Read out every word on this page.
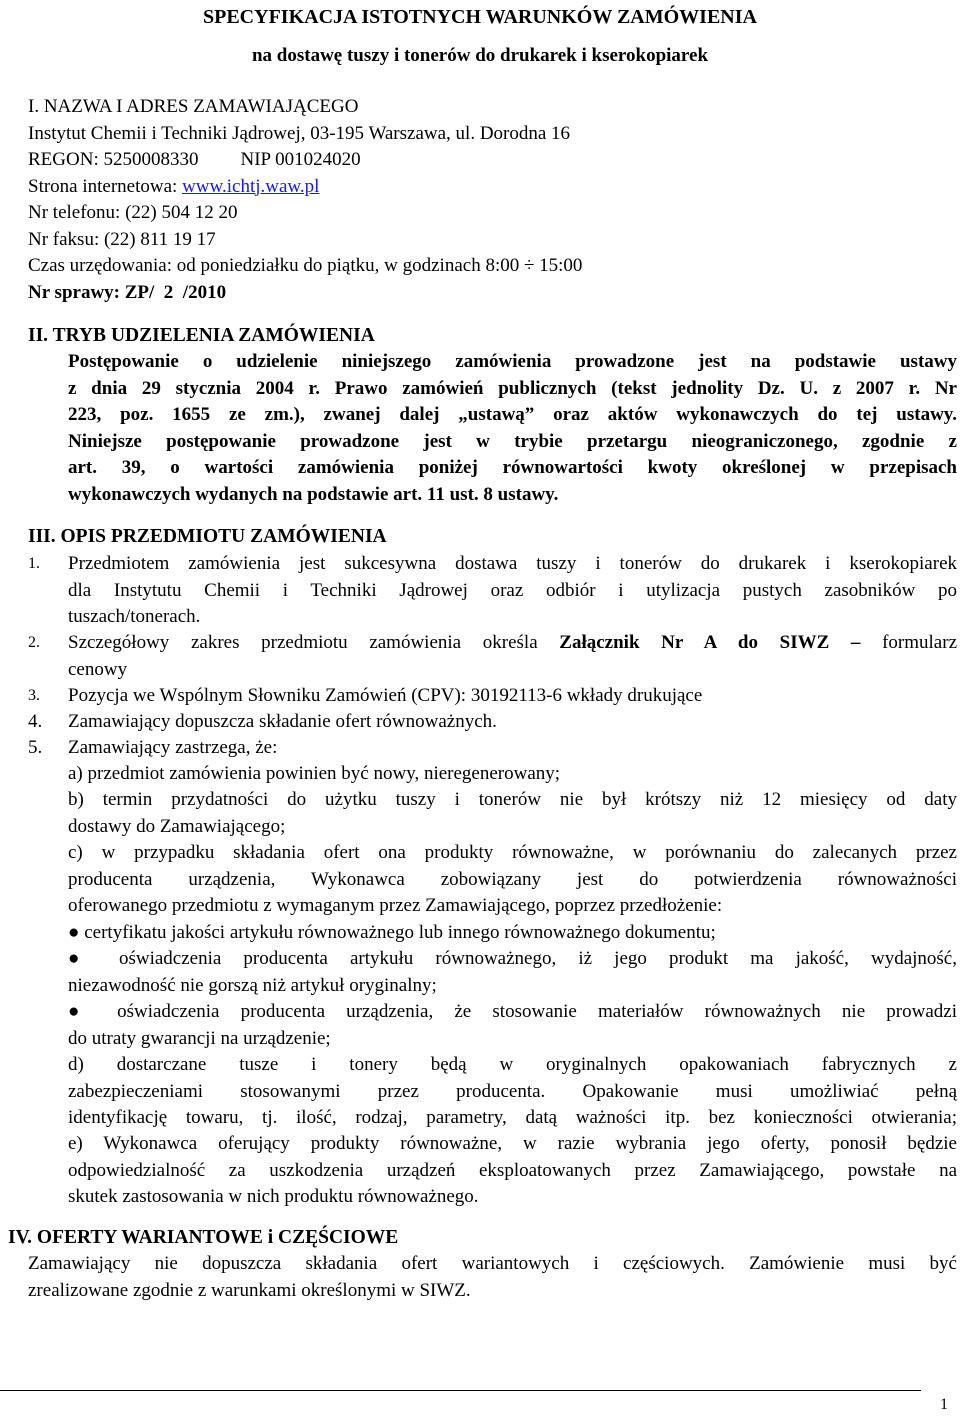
SPECYFIKACJA ISTOTNYCH WARUNKÓW ZAMÓWIENIA
na dostawę tuszy i tonerów do drukarek i kserokopiarek
I. NAZWA I ADRES ZAMAWIAJĄCEGO
Instytut Chemii i Techniki Jądrowej, 03-195 Warszawa, ul. Dorodna 16
REGON: 5250008330 NIP 001024020
Strona internetowa: www.ichtj.waw.pl
Nr telefonu: (22) 504 12 20
Nr faksu: (22) 811 19 17
Czas urzędowania: od poniedziałku do piątku, w godzinach 8:00 ÷ 15:00
Nr sprawy: ZP/  2  /2010
II. TRYB UDZIELENIA ZAMÓWIENIA
Postępowanie o udzielenie niniejszego zamówienia prowadzone jest na podstawie ustawy
z dnia 29 stycznia 2004 r. Prawo zamówień publicznych (tekst jednolity Dz. U. z 2007 r. Nr
223, poz. 1655 ze zm.), zwanej dalej „ustawą” oraz aktów wykonawczych do tej ustawy.
Niniejsze postępowanie prowadzone jest w trybie przetargu nieograniczonego, zgodnie z
art. 39, o wartości zamówienia poniżej równowartości kwoty określonej w przepisach
wykonawczych wydanych na podstawie art. 11 ust. 8 ustawy.
III. OPIS PRZEDMIOTU ZAMÓWIENIA
1. Przedmiotem zamówienia jest sukcesywna dostawa tuszy i tonerów do drukarek i kserokopiarek
dla Instytutu Chemii i Techniki Jądrowej oraz odbiór i utylizacja pustych zasobników po
tuszach/tonerach.
2. Szczegółowy zakres przedmiotu zamówienia określa Załącznik Nr A do SIWZ – formularz
cenowy
3. Pozycja we Wspólnym Słowniku Zamówień (CPV): 30192113-6 wkłady drukujące
4. Zamawiający dopuszcza składanie ofert równoważnych.
5. Zamawiający zastrzega, że:
a) przedmiot zamówienia powinien być nowy, nieregenerowany;
b) termin przydatności do użytku tuszy i tonerów nie był krótszy niż 12 miesięcy od daty
dostawy do Zamawiającego;
c) w przypadku składania ofert ona produkty równoważne, w porównaniu do zalecanych przez
producenta urządzenia, Wykonawca zobowiązany jest do potwierdzenia równoważności
oferowanego przedmiotu z wymaganym przez Zamawiającego, poprzez przedłożenie:
● certyfikatu jakości artykułu równoważnego lub innego równoważnego dokumentu;
● oświadczenia producenta artykułu równoważnego, iż jego produkt ma jakość, wydajność,
niezawodność nie gorszą niż artykuł oryginalny;
● oświadczenia producenta urządzenia, że stosowanie materiałów równoważnych nie prowadzi
do utraty gwarancji na urządzenie;
d)  dostarczane  tusze  i  tonery  będą  w  oryginalnych  opakowaniach  fabrycznych  z
zabezpieczeniami  stosowanymi  przez  producenta.  Opakowanie  musi  umożliwiać  pełną
identyfikację towaru, tj. ilość, rodzaj, parametry, datą ważności itp. bez konieczności otwierania;
e) Wykonawca oferujący produkty równoważne, w razie wybrania jego oferty, ponosił będzie
odpowiedzialność za uszkodzenia urządzeń eksploatowanych przez Zamawiającego, powstałe na
skutek zastosowania w nich produktu równoważnego.
IV. OFERTY WARIANTOWE i CZĘŚCIOWE
Zamawiający nie dopuszcza składania ofert wariantowych i częściowych. Zamówienie musi być
zrealizowane zgodnie z warunkami określonymi w SIWZ.
1
